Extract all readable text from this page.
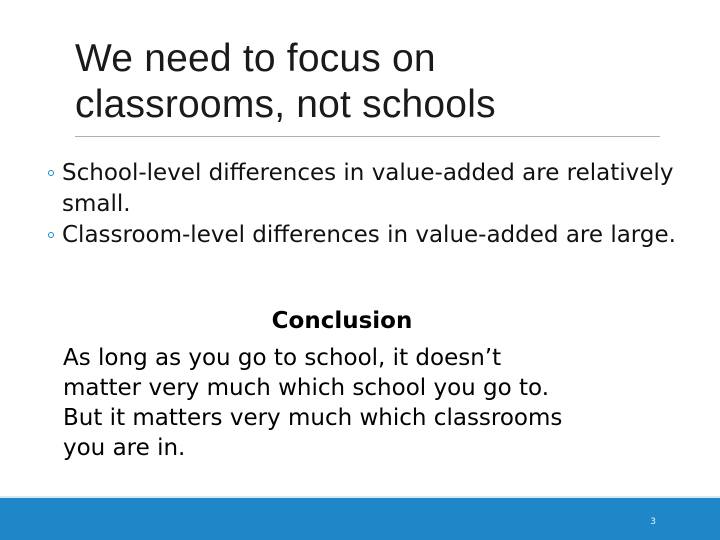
We need to focus on
classrooms, not schools
School-level differences in value-added are relatively small.
Classroom-level differences in value-added are large.
Conclusion
As long as you go to school, it doesn’t
matter very much which school you go to.
But it matters very much which classrooms
you are in.
3
